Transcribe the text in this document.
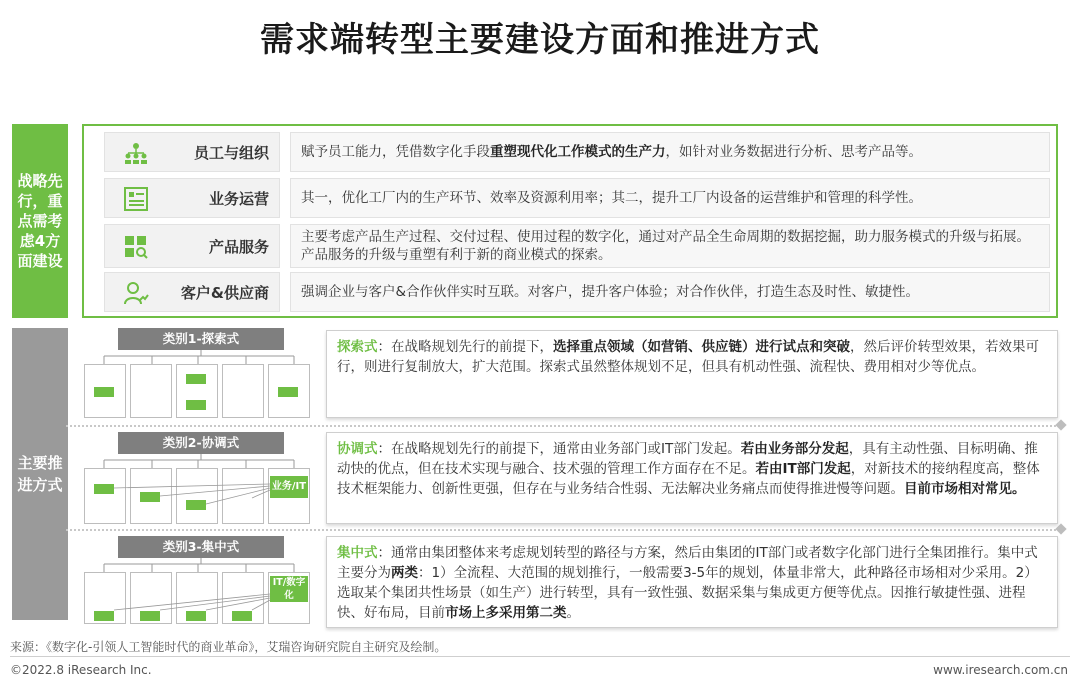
需求端转型主要建设方面和推进方式
战略先行，重点需考虑4方面建设
主要推进方式
员工与组织 赋予员工能力，凭借数字化手段重塑现代化工作模式的生产力，如针对业务数据进行分析、思考产品等。
业务运营 其一，优化工厂内的生产环节、效率及资源利用率；其二，提升工厂内设备的运营维护和管理的科学性。
产品服务
主要考虑产品生产过程、交付过程、使用过程的数字化，通过对产品全生命周期的数据挖掘，助力服务模式的升级与拓展。产品服务的升级与重塑有利于新的商业模式的探索。
客户&供应商 强调企业与客户&合作伙伴实时互联。对客户，提升客户体验；对合作伙伴，打造生态及时性、敏捷性。
类别1-探索式
探索式：在战略规划先行的前提下，选择重点领域（如营销、供应链）进行试点和突破，然后评价转型效果，若效果可行，则进行复制放大，扩大范围。探索式虽然整体规划不足，但具有机动性强、流程快、费用相对少等优点。
类别2-协调式
业务/IT
协调式：在战略规划先行的前提下，通常由业务部门或IT部门发起。若由业务部分发起，具有主动性强、目标明确、推动快的优点，但在技术实现与融合、技术强的管理工作方面存在不足。若由IT部门发起，对新技术的接纳程度高，整体技术框架能力、创新性更强，但存在与业务结合性弱、无法解决业务痛点而使得推进慢等问题。目前市场相对常见。
类别3-集中式
IT/数字化
集中式：通常由集团整体来考虑规划转型的路径与方案，然后由集团的IT部门或者数字化部门进行全集团推行。集中式主要分为两类：1）全流程、大范围的规划推行，一般需要3-5年的规划，体量非常大，此种路径市场相对少采用。2）选取某个集团共性场景（如生产）进行转型，具有一致性强、数据采集与集成更方便等优点。因推行敏捷性强、进程快、好布局，目前市场上多采用第二类。
来源：《数字化-引领人工智能时代的商业革命》，艾瑞咨询研究院自主研究及绘制。
©2022.8 iResearch Inc.	www.iresearch.com.cn
